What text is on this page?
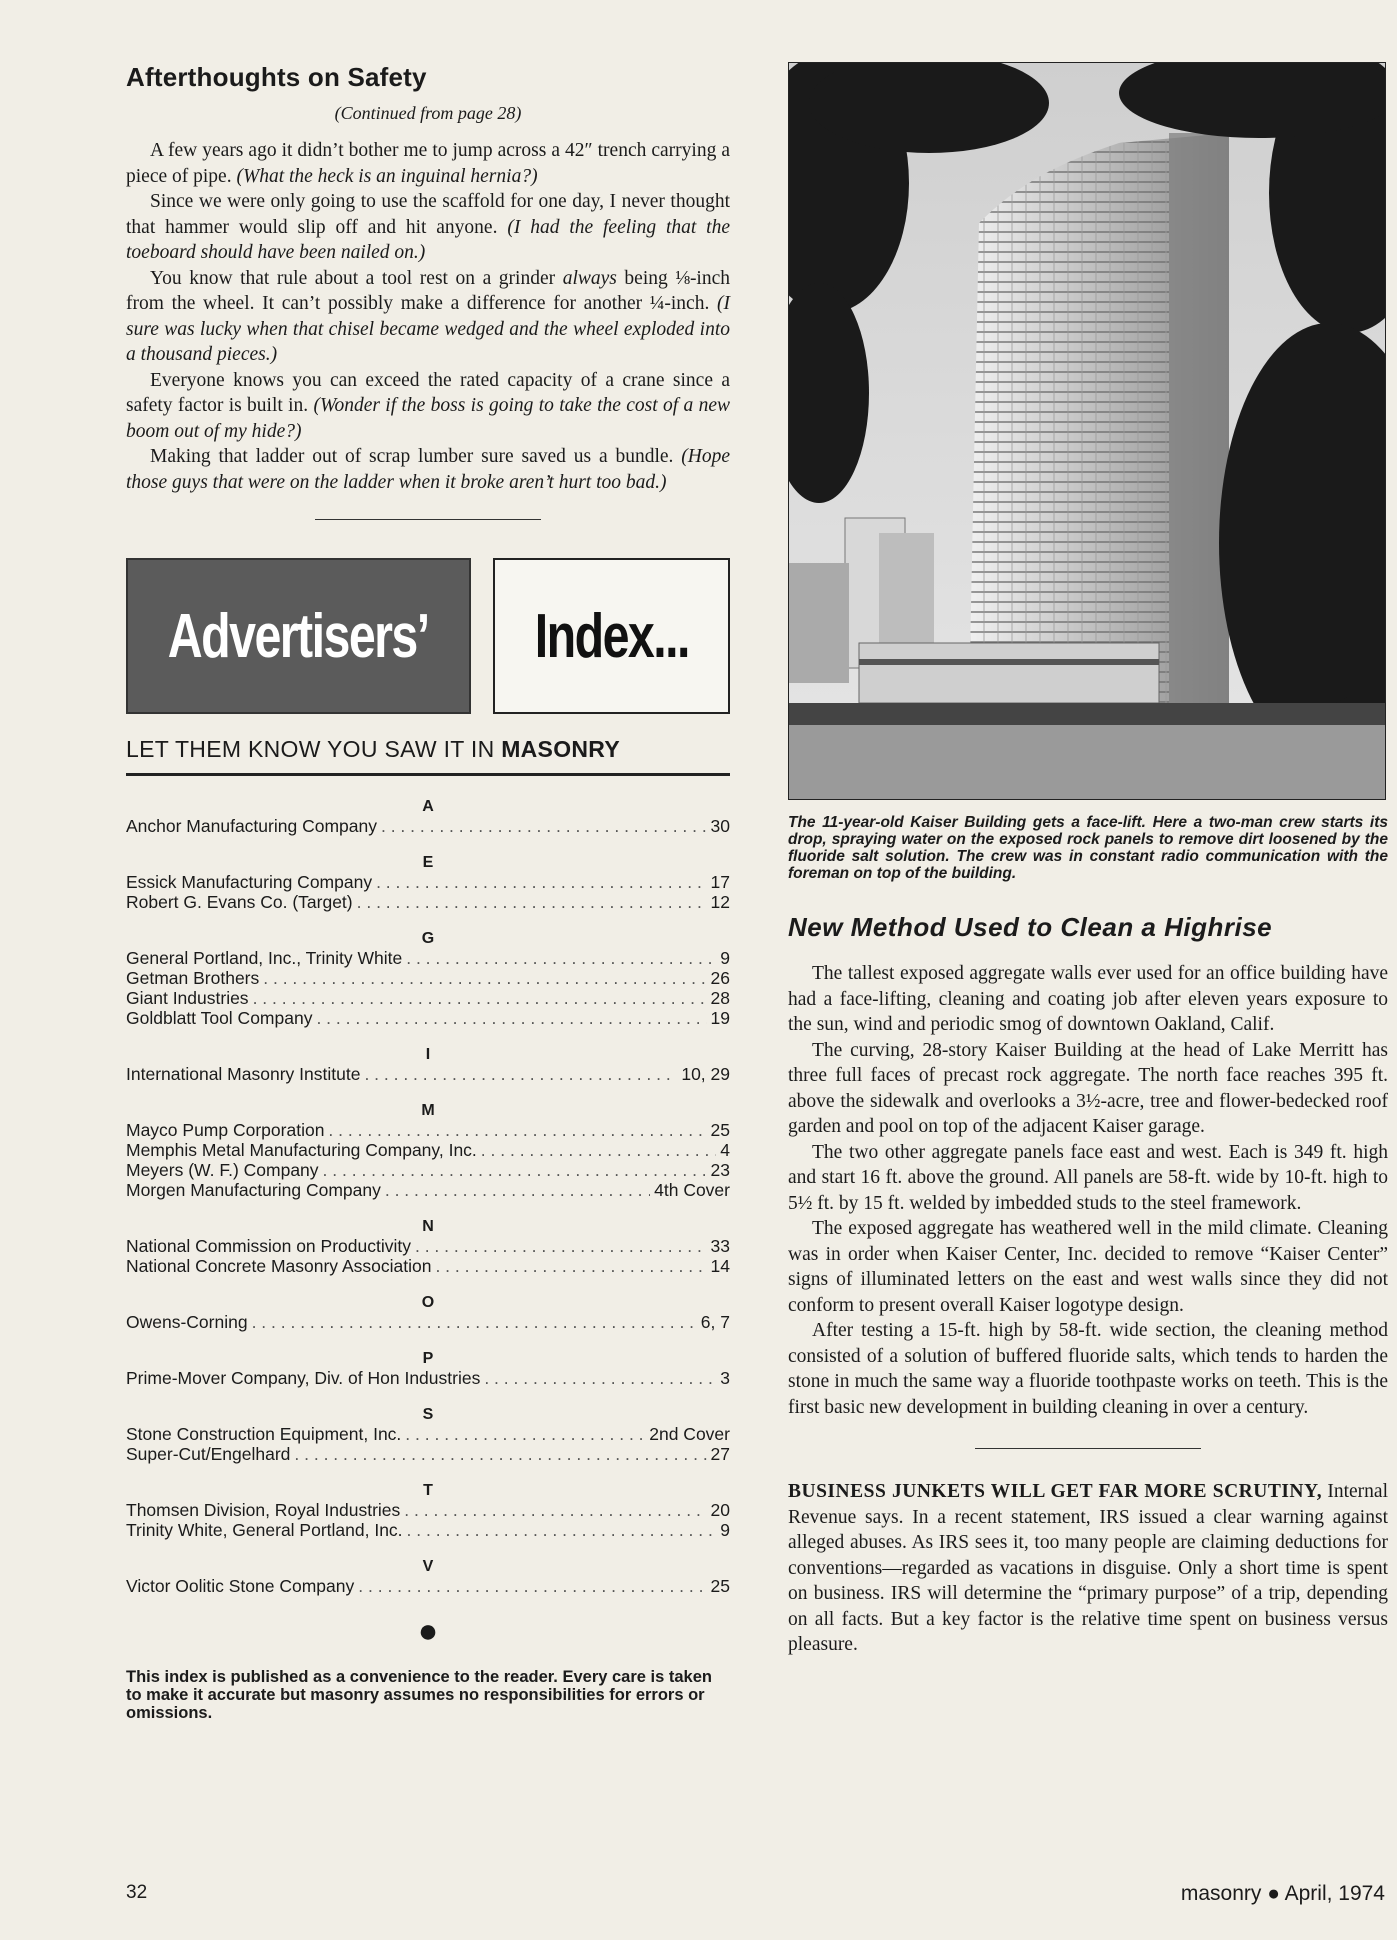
Afterthoughts on Safety

(Continued from page 28)

A few years ago it didn’t bother me to jump across a 42″ trench carrying a piece of pipe. (What the heck is an inguinal hernia?)

Since we were only going to use the scaffold for one day, I never thought that hammer would slip off and hit anyone. (I had the feeling that the toeboard should have been nailed on.)

You know that rule about a tool rest on a grinder always being ⅛-inch from the wheel. It can’t possibly make a difference for another ¼-inch. (I sure was lucky when that chisel became wedged and the wheel exploded into a thousand pieces.)

Everyone knows you can exceed the rated capacity of a crane since a safety factor is built in. (Wonder if the boss is going to take the cost of a new boom out of my hide?)

Making that ladder out of scrap lumber sure saved us a bundle. (Hope those guys that were on the ladder when it broke aren’t hurt too bad.)

Advertisers’ Index...
LET THEM KNOW YOU SAW IT IN MASONRY
A
Anchor Manufacturing Company . . .	30
E
Essick Manufacturing Company . . .	17
Robert G. Evans Co. (Target) . . .	12
G
General Portland, Inc., Trinity White . . .	9
Getman Brothers . . .	26
Giant Industries . . .	28
Goldblatt Tool Company . . .	19
I
International Masonry Institute . . .	10, 29
M
Mayco Pump Corporation . . .	25
Memphis Metal Manufacturing Company, Inc. . . .	4
Meyers (W. F.) Company . . .	23
Morgen Manufacturing Company . . .	4th Cover
N
National Commission on Productivity . . .	33
National Concrete Masonry Association . . .	14
O
Owens-Corning . . .	6, 7
P
Prime-Mover Company, Div. of Hon Industries . . .	3
S
Stone Construction Equipment, Inc. . . .	2nd Cover
Super-Cut/Engelhard . . .	27
T
Thomsen Division, Royal Industries . . .	20
Trinity White, General Portland, Inc. . . .	9
V
Victor Oolitic Stone Company . . .	25
●
This index is published as a convenience to the reader. Every care is taken to make it accurate but masonry assumes no responsibilities for errors or omissions.

The 11-year-old Kaiser Building gets a face-lift. Here a two-man crew starts its drop, spraying water on the exposed rock panels to remove dirt loosened by the fluoride salt solution. The crew was in constant radio communication with the foreman on top of the building.

New Method Used to Clean a Highrise

The tallest exposed aggregate walls ever used for an office building have had a face-lifting, cleaning and coating job after eleven years exposure to the sun, wind and periodic smog of downtown Oakland, Calif.

The curving, 28-story Kaiser Building at the head of Lake Merritt has three full faces of precast rock aggregate. The north face reaches 395 ft. above the sidewalk and overlooks a 3½-acre, tree and flower-bedecked roof garden and pool on top of the adjacent Kaiser garage.

The two other aggregate panels face east and west. Each is 349 ft. high and start 16 ft. above the ground. All panels are 58-ft. wide by 10-ft. high to 5½ ft. by 15 ft. welded by imbedded studs to the steel framework.

The exposed aggregate has weathered well in the mild climate. Cleaning was in order when Kaiser Center, Inc. decided to remove “Kaiser Center” signs of illuminated letters on the east and west walls since they did not conform to present overall Kaiser logotype design.

After testing a 15-ft. high by 58-ft. wide section, the cleaning method consisted of a solution of buffered fluoride salts, which tends to harden the stone in much the same way a fluoride toothpaste works on teeth. This is the first basic new development in building cleaning in over a century.

BUSINESS JUNKETS WILL GET FAR MORE SCRUTINY, Internal Revenue says. In a recent statement, IRS issued a clear warning against alleged abuses. As IRS sees it, too many people are claiming deductions for conventions—regarded as vacations in disguise. Only a short time is spent on business. IRS will determine the “primary purpose” of a trip, depending on all facts. But a key factor is the relative time spent on business versus pleasure.

32	masonry ● April, 1974
